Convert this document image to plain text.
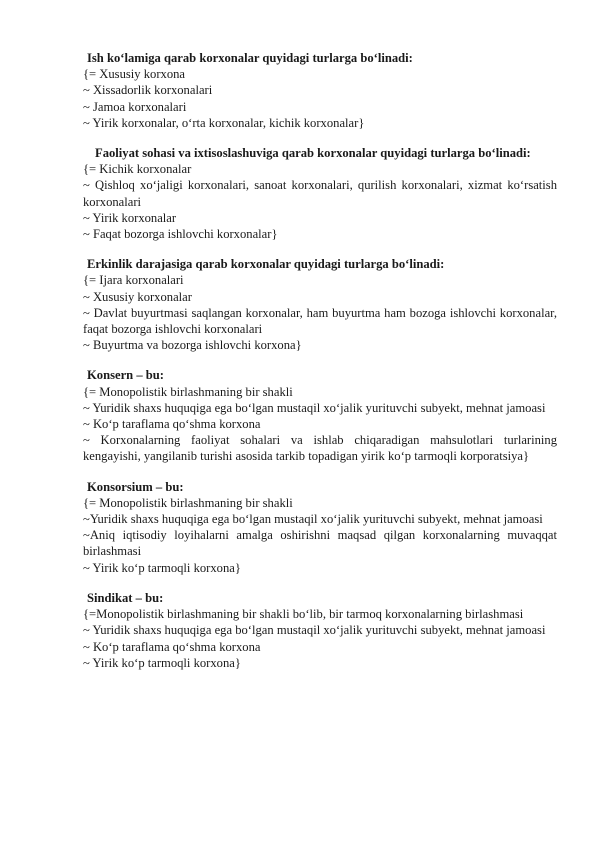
Ish ko‘lamiga qarab korxonalar quyidagi turlarga bo‘linadi:

{= Xususiy korxona

~ Xissadorlik korxonalari

~ Jamoa korxonalari

~ Yirik korxonalar, o‘rta korxonalar, kichik korxonalar}

Faoliyat sohasi va ixtisoslashuviga qarab korxonalar quyidagi turlarga bo‘linadi:

{= Kichik korxonalar

~ Qishloq xo‘jaligi korxonalari, sanoat korxonalari, qurilish korxonalari, xizmat ko‘rsatish korxonalari

~ Yirik korxonalar

~ Faqat bozorga ishlovchi korxonalar}

Erkinlik darajasiga qarab korxonalar quyidagi turlarga bo‘linadi:

{= Ijara korxonalari

~ Xususiy korxonalar

~ Davlat buyurtmasi saqlangan korxonalar, ham buyurtma ham bozoga ishlovchi korxonalar, faqat bozorga ishlovchi korxonalari

~ Buyurtma va bozorga ishlovchi korxona}

Konsern – bu:

{= Monopolistik birlashmaning bir shakli

~ Yuridik shaxs huquqiga ega bo‘lgan mustaqil xo‘jalik yurituvchi subyekt, mehnat jamoasi

~ Ko‘p taraflama qo‘shma korxona

~ Korxonalarning faoliyat sohalari va ishlab chiqaradigan mahsulotlari turlarining kengayishi, yangilanib turishi asosida tarkib topadigan yirik ko‘p tarmoqli korporatsiya}

Konsorsium – bu:

{= Monopolistik birlashmaning bir shakli

~Yuridik shaxs huquqiga ega bo‘lgan mustaqil xo‘jalik yurituvchi subyekt, mehnat jamoasi

~Aniq iqtisodiy loyihalarni amalga oshirishni maqsad qilgan korxonalarning muvaqqat birlashmasi

~ Yirik ko‘p tarmoqli korxona}

Sindikat – bu:

{=Monopolistik birlashmaning bir shakli bo‘lib, bir tarmoq korxonalarning birlashmasi

~ Yuridik shaxs huquqiga ega bo‘lgan mustaqil xo‘jalik yurituvchi subyekt, mehnat jamoasi

~ Ko‘p taraflama qo‘shma korxona

~ Yirik ko‘p tarmoqli korxona}
